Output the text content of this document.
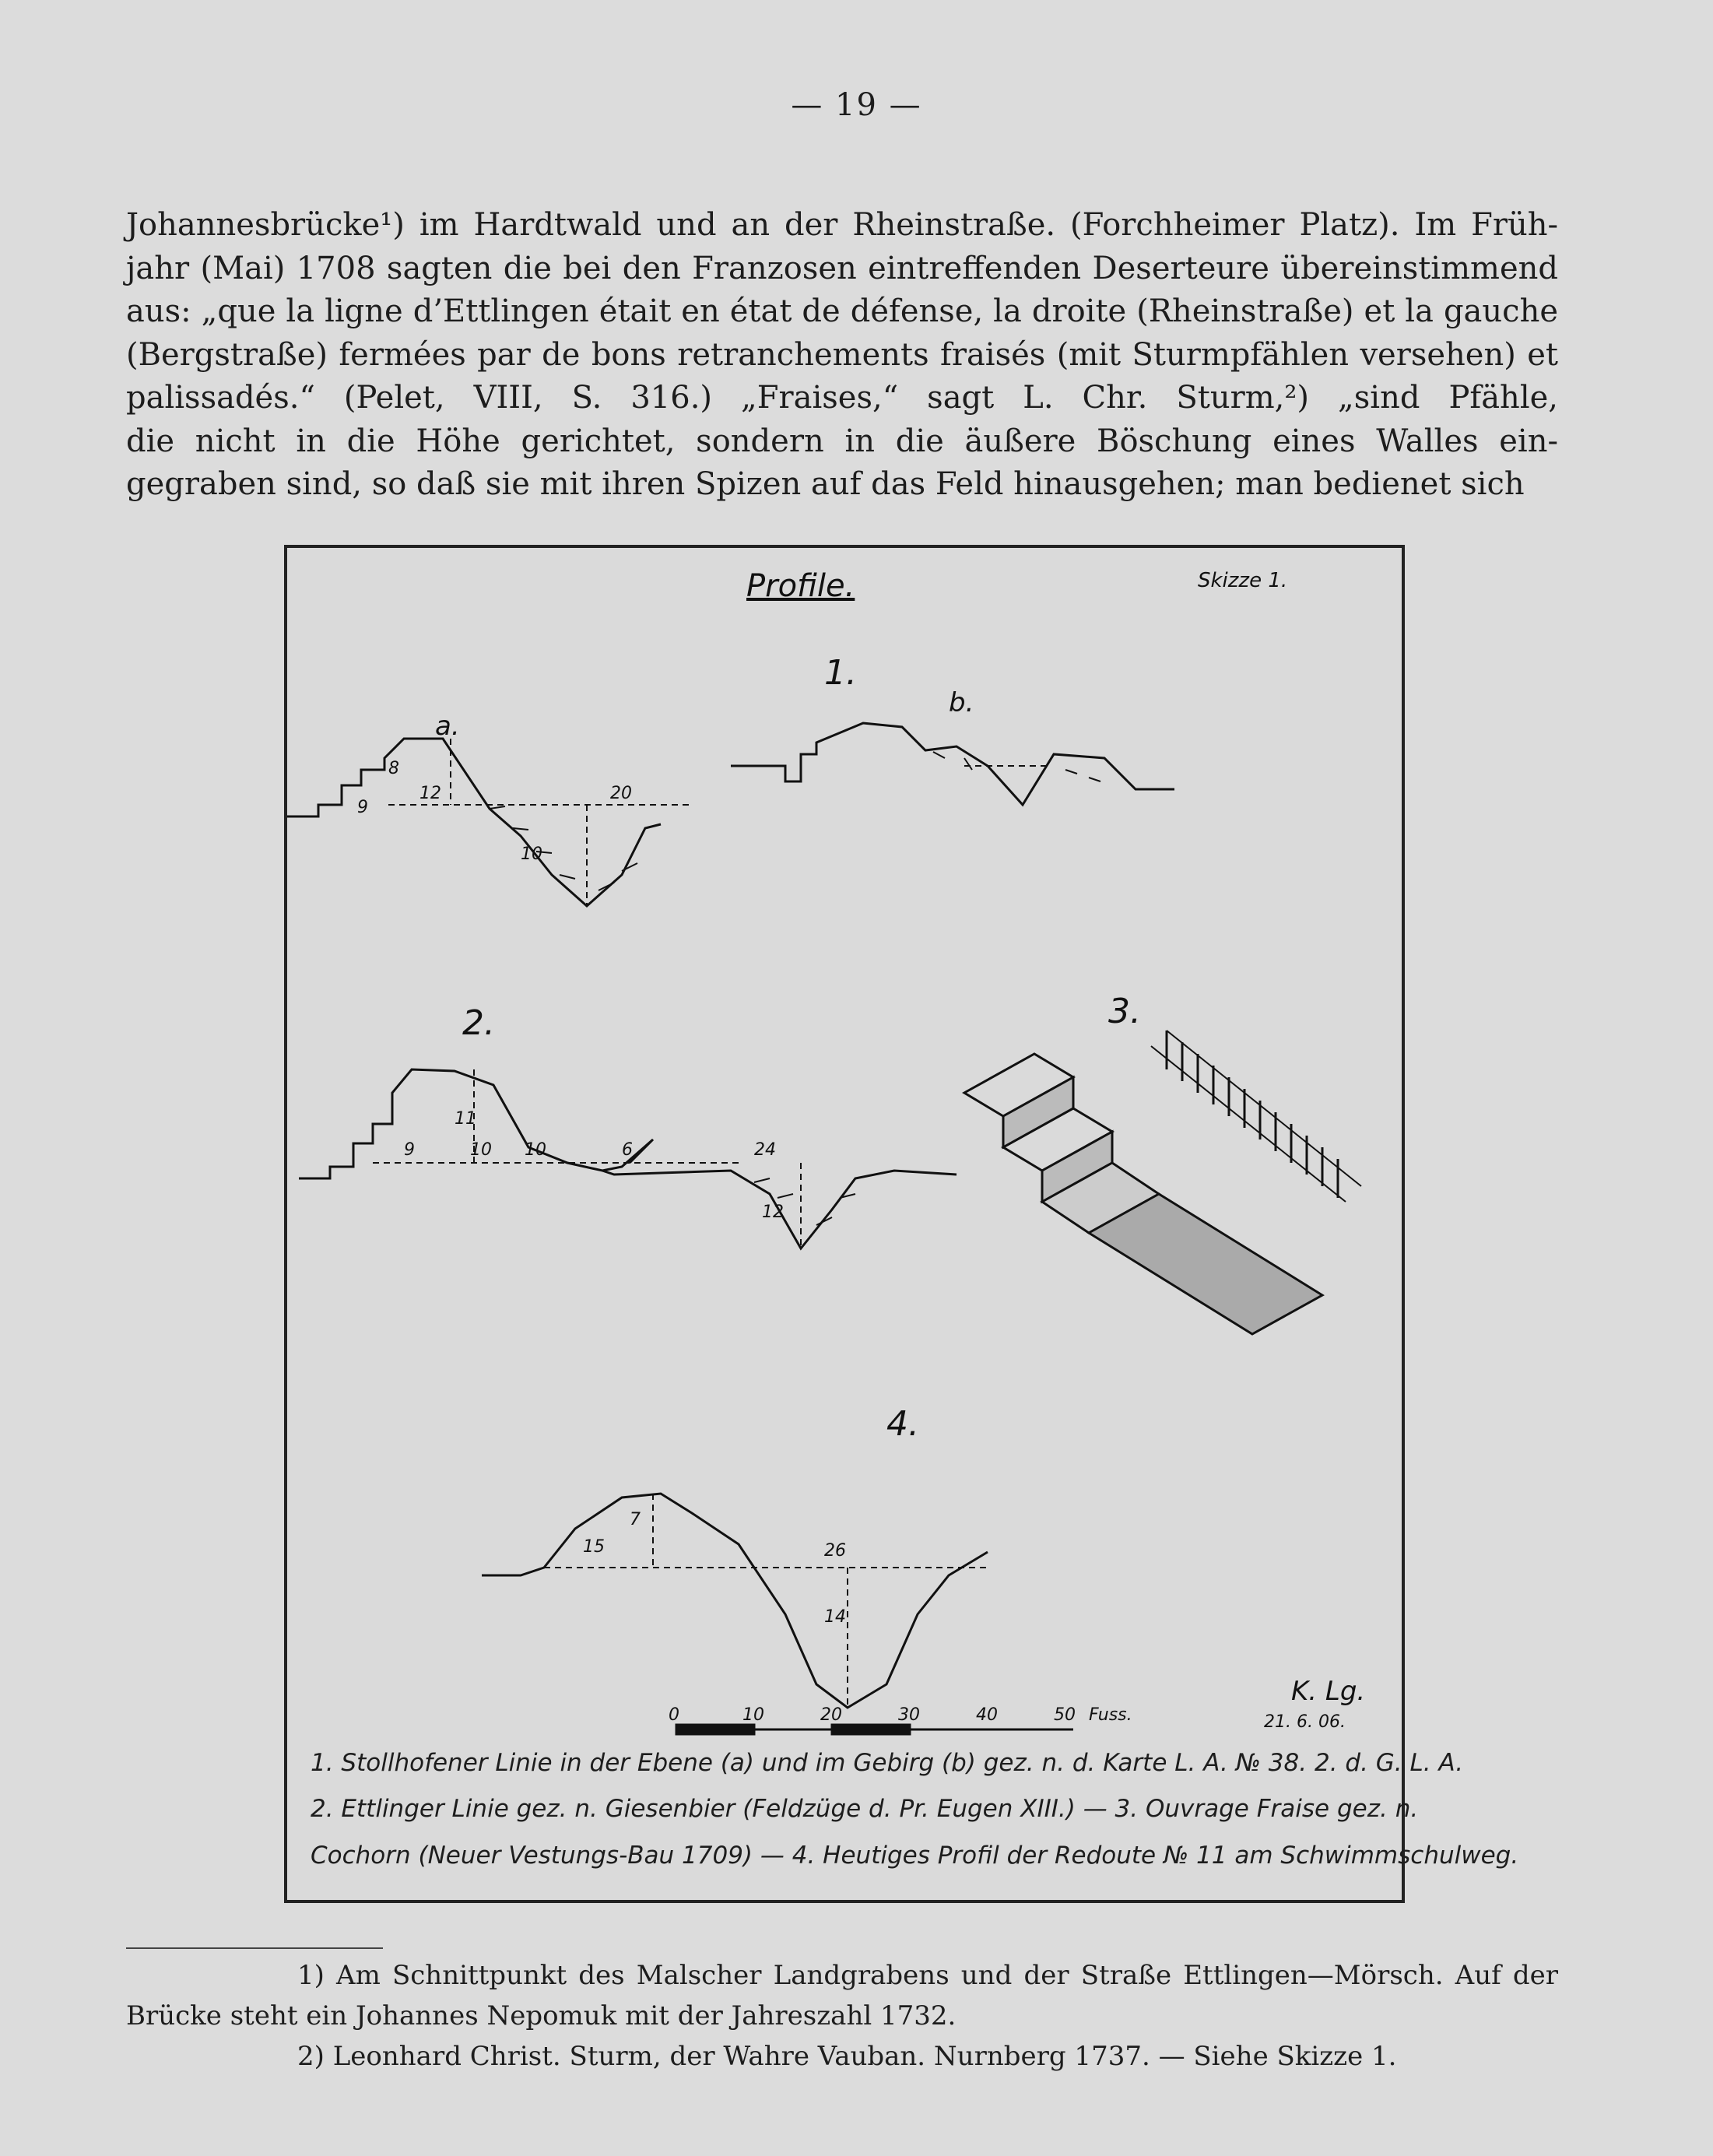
— 19 —
Johannesbrücke¹) im Hardtwald und an der Rheinstraße. (Forchheimer Platz). Im Früh-
jahr (Mai) 1708 sagten die bei den Franzosen eintreffenden Deserteure übereinstimmend
aus: „que la ligne d’Ettlingen était en état de défense, la droite (Rheinstraße) et la gauche
(Bergstraße) fermées par de bons retranchements fraisés (mit Sturmpfählen versehen) et
palissadés.“ (Pelet, VIII, S. 316.) „Fraises,“ sagt L. Chr. Sturm,²) „sind Pfähle,
die nicht in die Höhe gerichtet, sondern in die äußere Böschung eines Walles ein-
gegraben sind, so daß sie mit ihren Spizen auf das Feld hinausgehen; man bedienet sich
Profile.	Skizze 1.
1.
a.
b.
8
9
12	20
10
2.
11
9	10 10	6	24
12
3.
4.
7
15	26
14
K. Lg.
21. 6. 06.
0	10	20	30	40	50 Fuss.
1. Stollhofener Linie in der Ebene (a) und im Gebirg (b) gez. n. d. Karte L. A. № 38. 2. d. G. L. A.
2. Ettlinger Linie gez. n. Giesenbier (Feldzüge d. Pr. Eugen XIII.) — 3. Ouvrage Fraise gez. n.
Cochorn (Neuer Vestungs-Bau 1709) — 4. Heutiges Profil der Redoute № 11 am Schwimmschulweg.
1) Am Schnittpunkt des Malscher Landgrabens und der Straße Ettlingen—Mörsch. Auf der
Brücke steht ein Johannes Nepomuk mit der Jahreszahl 1732.
2) Leonhard Christ. Sturm, der Wahre Vauban. Nurnberg 1737. — Siehe Skizze 1.
